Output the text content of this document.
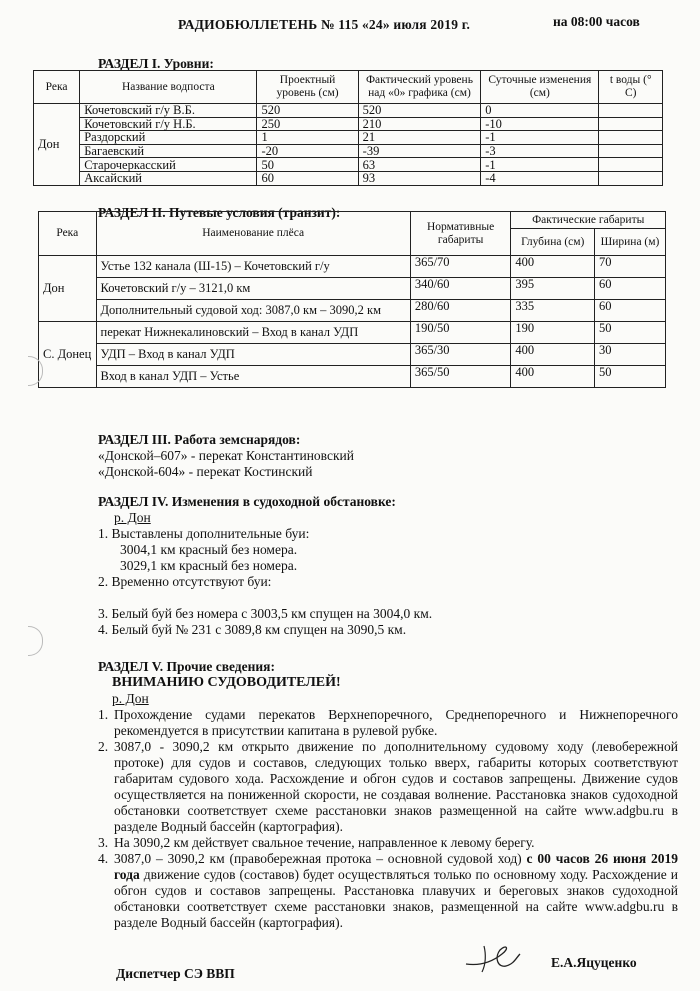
РАДИОБЮЛЛЕТЕНЬ № 115 «24» июля 2019 г.	на 08:00 часов
РАЗДЕЛ I. Уровни:
Река	Название водпоста	Проектный уровень (см)	Фактический уровень над «0» графика (см)	Суточные изменения (см)	t воды (° С)
Дон	Кочетовский г/у В.Б.	520	520	0	
	Кочетовский г/у Н.Б.	250	210	-10	
	Раздорский	1	21	-1	
	Багаевский	-20	-39	-3	
	Старочеркасский	50	63	-1	
	Аксайский	60	93	-4	
РАЗДЕЛ II. Путевые условия (транзит):
Река	Наименование плёса	Нормативные габариты	Фактические габариты	
			Глубина (см)	Ширина (м)
Дон	Устье 132 канала (Ш-15) – Кочетовский г/у	365/70	400	70
	Кочетовский г/у – 3121,0 км	340/60	395	60
	Дополнительный судовой ход: 3087,0 км – 3090,2 км	280/60	335	60
С. Донец	перекат Нижнекалиновский – Вход в канал УДП	190/50	190	50
	УДП – Вход в канал УДП	365/30	400	30
	Вход в канал УДП – Устье	365/50	400	50
РАЗДЕЛ III. Работа земснарядов:
«Донской–607» - перекат Константиновский
«Донской-604» - перекат Костинский
РАЗДЕЛ IV. Изменения в судоходной обстановке:
р. Дон
1. Выставлены дополнительные буи:
3004,1 км красный без номера.
3029,1 км красный без номера.
2. Временно отсутствуют буи:
3. Белый буй без номера с 3003,5 км спущен на 3004,0 км.
4. Белый буй № 231 с 3089,8 км спущен на 3090,5 км.
РАЗДЕЛ V. Прочие сведения:
ВНИМАНИЮ СУДОВОДИТЕЛЕЙ!
р. Дон
1. Прохождение судами перекатов Верхнепоречного, Среднепоречного и Нижнепоречного рекомендуется в присутствии капитана в рулевой рубке.
2. 3087,0 - 3090,2 км открыто движение по дополнительному судовому ходу (левобережной протоке) для судов и составов, следующих только вверх, габариты которых соответствуют габаритам судового хода. Расхождение и обгон судов и составов запрещены. Движение судов осуществляется на пониженной скорости, не создавая волнение. Расстановка знаков судоходной обстановки соответствует схеме расстановки знаков размещенной на сайте www.adgbu.ru в разделе Водный бассейн (картография).
3. На 3090,2 км действует свальное течение, направленное к левому берегу.
4. 3087,0 – 3090,2 км (правобережная протока – основной судовой ход) с 00 часов 26 июня 2019 года движение судов (составов) будет осуществляться только по основному ходу. Расхождение и обгон судов и составов запрещены. Расстановка плавучих и береговых знаков судоходной обстановки соответствует схеме расстановки знаков, размещенной на сайте www.adgbu.ru в разделе Водный бассейн (картография).
Диспетчер СЭ ВВП
Е.А.Яцуценко
